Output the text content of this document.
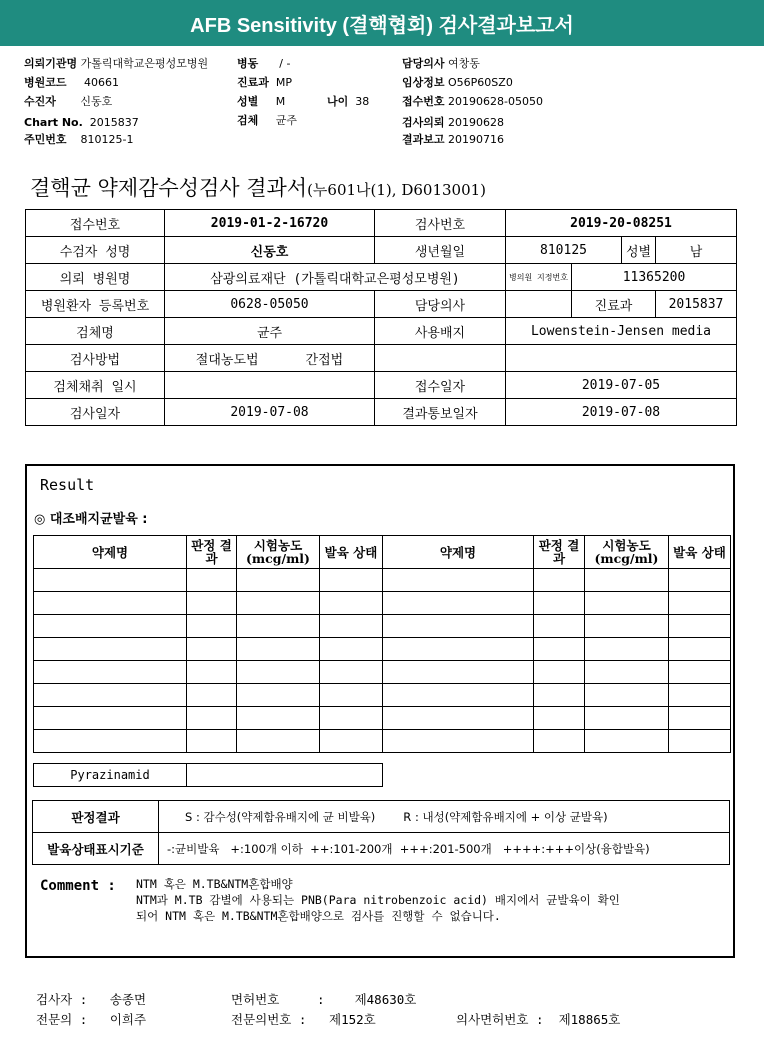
AFB Sensitivity (결핵협회) 검사결과보고서
의뢰기관명 가톨릭대학교은평성모병원
병원코드 40661
수진자 신동호
Chart No. 2015837
주민번호 810125-1
병동 / -
진료과 MP
성별 M	나이 38
검체 균주
담당의사 여창동
임상정보 O56P60SZ0
접수번호 20190628-05050
검사의뢰 20190628
결과보고 20190716
결핵균 약제감수성검사 결과서(누601나(1), D6013001)
접수번호	2019-01-2-16720	검사번호	2019-20-08251			
수검자 성명	신동호	생년월일	810125		성별	남
의뢰 병원명	삼광의료재단 (가톨릭대학교은평성모병원)		병의원 지정번호	11365200		
병원환자 등록번호	0628-05050	담당의사		진료과		2015837
검체명	균주	사용배지	Lowenstein-Jensen media			
검사방법	절대농도법 간접법					
검체채취 일시		접수일자	2019-07-05			
검사일자	2019-07-08	결과통보일자	2019-07-08			
Result
◎ 대조배지균발육 :
약제명	판정 결과	시험농도 (mcg/ml)	발육 상태	약제명	판정 결과	시험농도 (mcg/ml)	발육 상태

Pyrazinamid	
판정결과	S : 감수성(약제함유배지에 균 비발육) R : 내성(약제함유배지에 + 이상 균발육)
발육상태표시기준	-:균비발육   +:100개 이하  ++:101-200개  +++:201-500개   ++++:+++이상(융합발육)
Comment : NTM 혹은 M.TB&NTM혼합배양
NTM과 M.TB 감별에 사용되는 PNB(Para nitrobenzoic acid) 배지에서 균발육이 확인
되어 NTM 혹은 M.TB&NTM혼합배양으로 검사를 진행할 수 없습니다.
검사자 : 송종면	면허번호     :    제48630호
전문의 : 이희주	전문의번호 : 제152호	의사면허번호 : 제18865호
